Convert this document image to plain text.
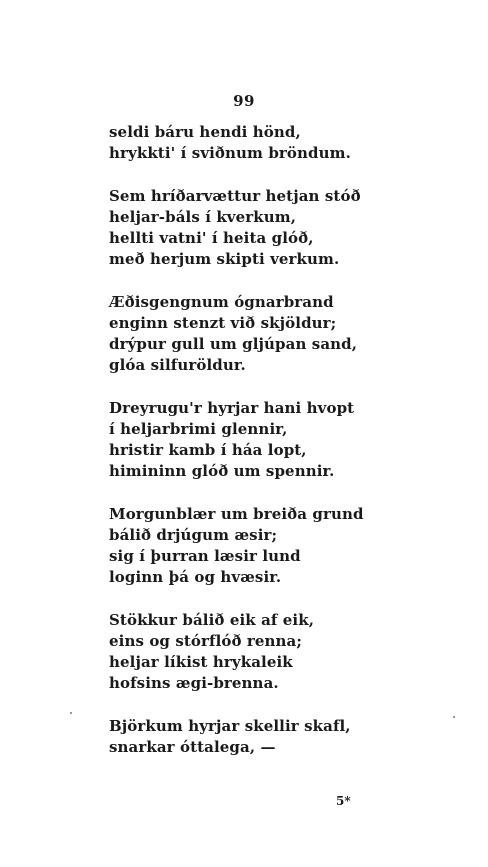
99
seldi báru hendi hönd,
hrykkti' í sviðnum bröndum.
Sem hríðarvættur hetjan stóð
heljar-báls í kverkum,
hellti vatni' í heita glóð,
með herjum skipti verkum.
Æðisgengnum ógnarbrand
enginn stenzt við skjöldur;
drýpur gull um gljúpan sand,
glóa silfuröldur.
Dreyrugu'r hyrjar hani hvopt
í heljarbrimi glennir,
hristir kamb í háa lopt,
himininn glóð um spennir.
Morgunblær um breiða grund
bálið drjúgum æsir;
sig í þurran læsir lund
loginn þá og hvæsir.
Stökkur bálið eik af eik,
eins og stórflóð renna;
heljar líkist hrykaleik
hofsins ægi-brenna.
Björkum hyrjar skellir skafl,
snarkar óttalega, —
5*
